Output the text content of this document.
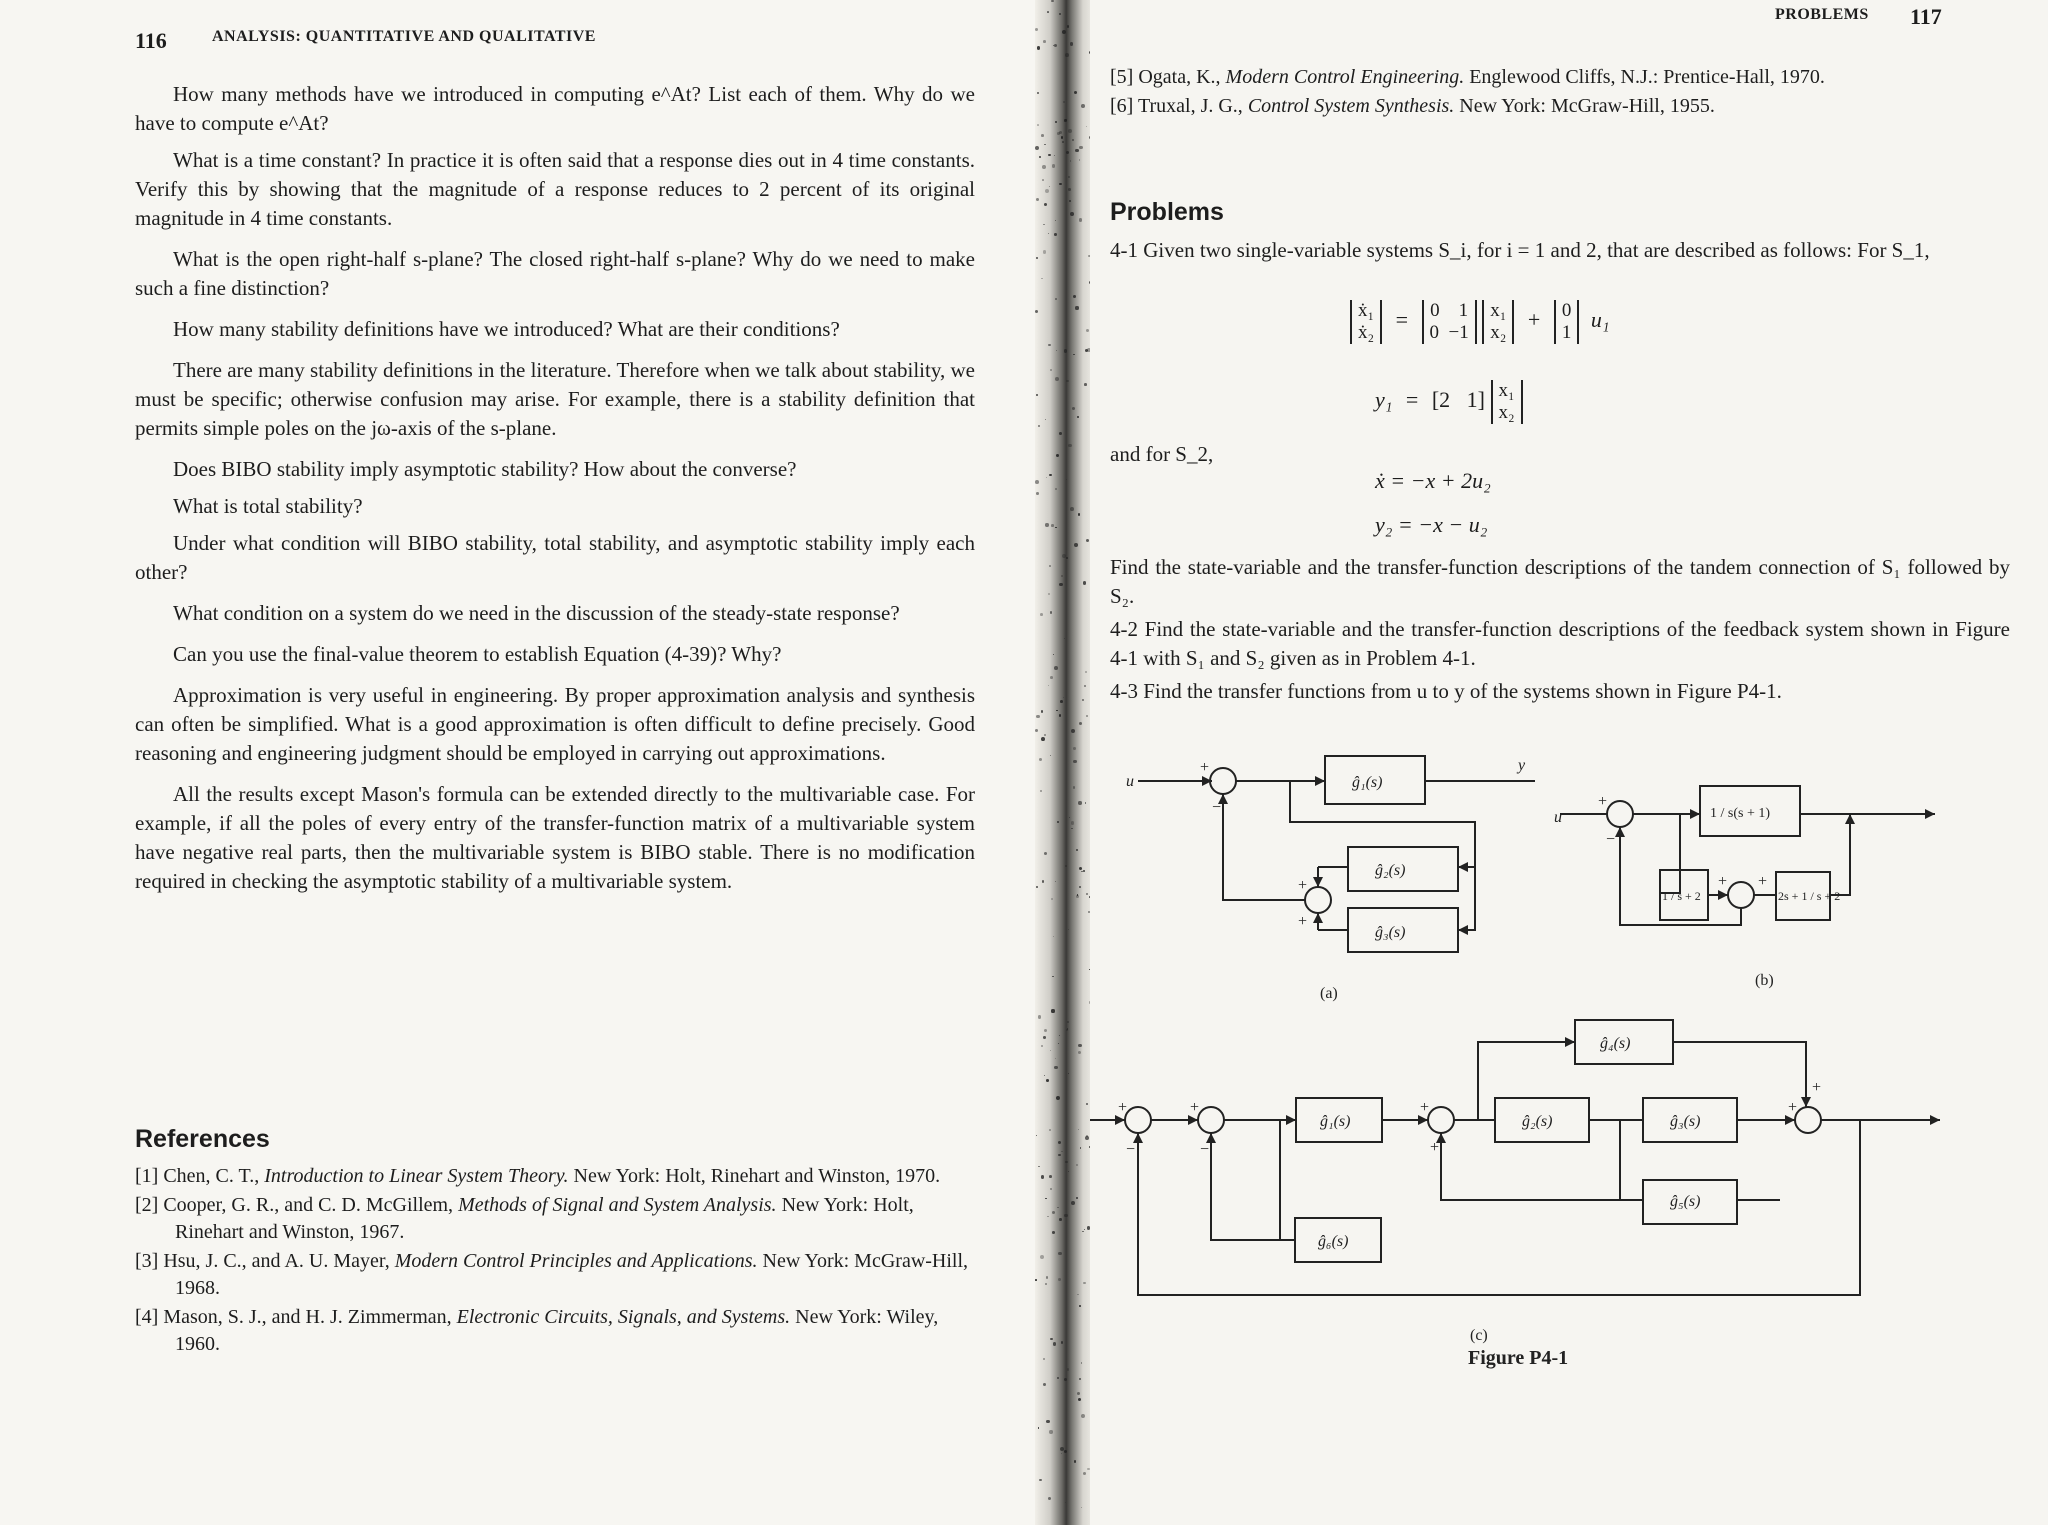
116	ANALYSIS: QUANTITATIVE AND QUALITATIVE

How many methods have we introduced in computing e^At? List each of them. Why do we have to compute e^At?

What is a time constant? In practice it is often said that a response dies out in 4 time constants. Verify this by showing that the magnitude of a response reduces to 2 percent of its original magnitude in 4 time constants.

What is the open right-half s-plane? The closed right-half s-plane? Why do we need to make such a fine distinction?

How many stability definitions have we introduced? What are their conditions?

There are many stability definitions in the literature. Therefore when we talk about stability, we must be specific; otherwise confusion may arise. For example, there is a stability definition that permits simple poles on the jω-axis of the s-plane.

Does BIBO stability imply asymptotic stability? How about the converse?

What is total stability?

Under what condition will BIBO stability, total stability, and asymptotic stability imply each other?

What condition on a system do we need in the discussion of the steady-state response?

Can you use the final-value theorem to establish Equation (4-39)? Why?

Approximation is very useful in engineering. By proper approximation analysis and synthesis can often be simplified. What is a good approximation is often difficult to define precisely. Good reasoning and engineering judgment should be employed in carrying out approximations.

All the results except Mason's formula can be extended directly to the multivariable case. For example, if all the poles of every entry of the transfer-function matrix of a multivariable system have negative real parts, then the multivariable system is BIBO stable. There is no modification required in checking the asymptotic stability of a multivariable system.

References

[1] Chen, C. T., Introduction to Linear System Theory. New York: Holt, Rinehart and Winston, 1970.

[2] Cooper, G. R., and C. D. McGillem, Methods of Signal and System Analysis. New York: Holt, Rinehart and Winston, 1967.

[3] Hsu, J. C., and A. U. Mayer, Modern Control Principles and Applications. New York: McGraw-Hill, 1968.

[4] Mason, S. J., and H. J. Zimmerman, Electronic Circuits, Signals, and Systems. New York: Wiley, 1960.

PROBLEMS 117

[5] Ogata, K., Modern Control Engineering. Englewood Cliffs, N.J.: Prentice-Hall, 1970.

[6] Truxal, J. G., Control System Synthesis. New York: McGraw-Hill, 1955.

Problems
4-1 Given two single-variable systems S_i, for i = 1 and 2, that are described as follows: For S_1,
ẋ₁
ẋ₂ = 0    1
0  −1 x₁
x₂ + 0
1 u₁
y₁ = [2   1] x₁
x₂
and for S_2,
ẋ = −x + 2u₂
y₂ = −x − u₂
Find the state-variable and the transfer-function descriptions of the tandem connection of S₁ followed by S₂.
4-2 Find the state-variable and the transfer-function descriptions of the feedback system shown in Figure 4-1 with S₁ and S₂ given as in Problem 4-1.
4-3 Find the transfer functions from u to y of the systems shown in Figure P4-1.
u
y
+
−
ĝ₁(s)
ĝ₂(s)
ĝ₃(s)
+
+
(a)
u
+
−
1 / s(s + 1)
1 / s + 2	2s + 1 / s + 2
+ +
(b)
+
−
+
−
ĝ₁(s)
+
+
ĝ₂(s)	ĝ₃(s)
ĝ₄(s)
ĝ₅(s)
ĝ₆(s)
+
+
(c)
Figure P4-1
